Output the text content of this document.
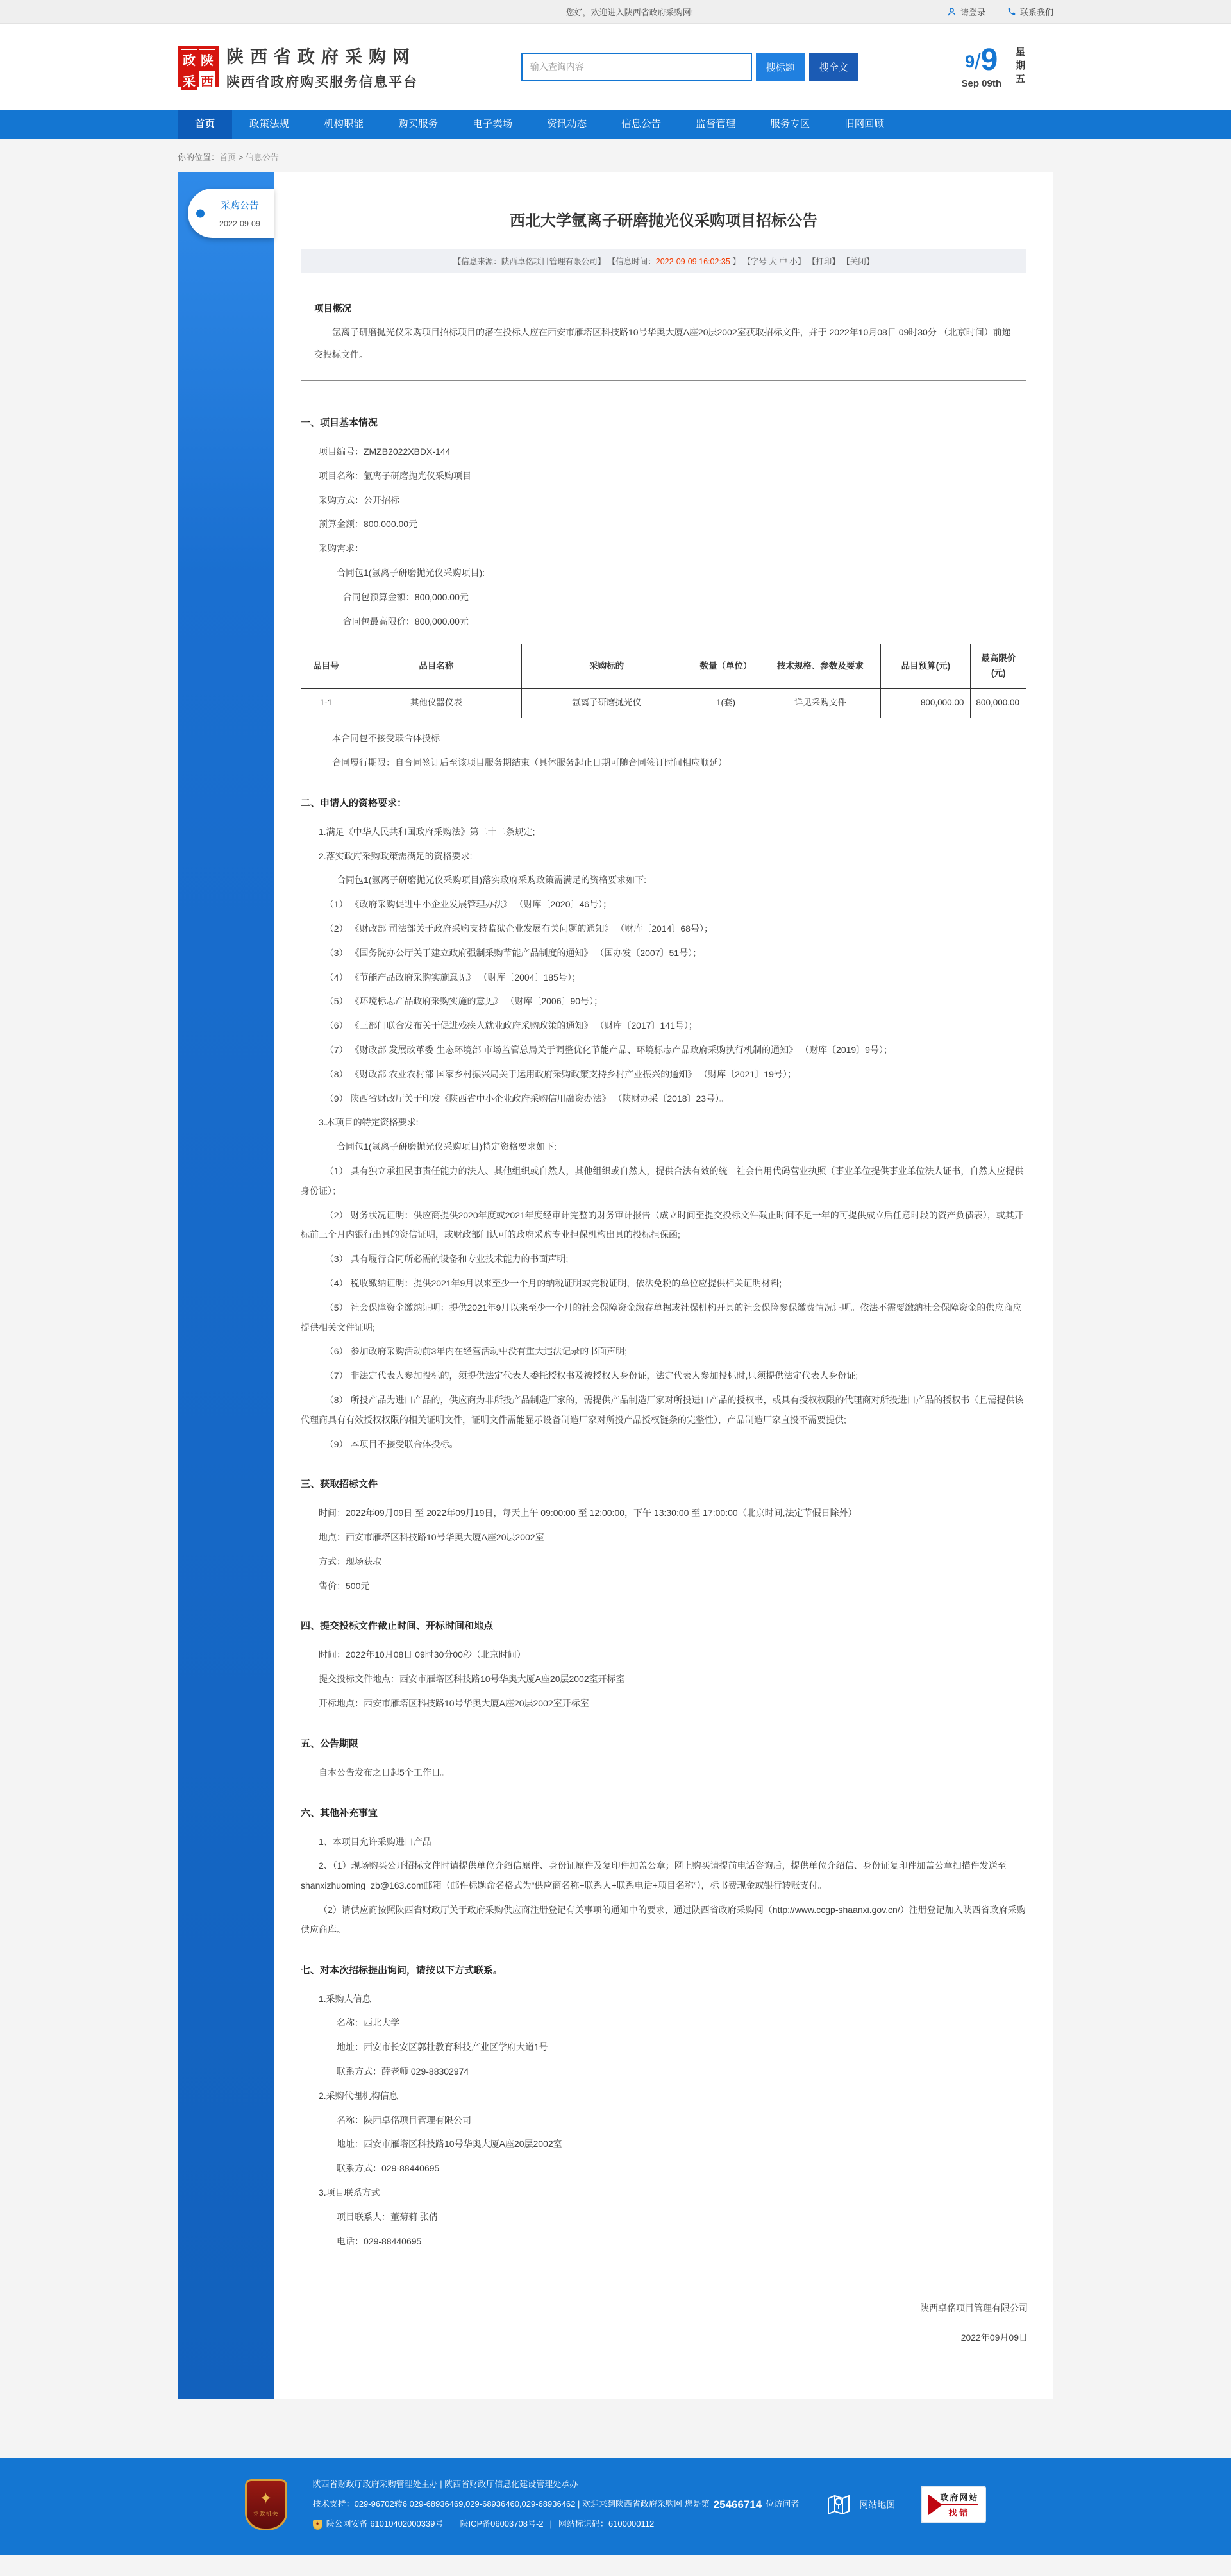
您好，欢迎进入陕西省政府采购网!	请登录	联系我们
政 陕
采 西
陕西省政府采购网
陕西省政府购买服务信息平台
输入查询内容
搜标题	搜全文	9 / 9
Sep 09th 星期五
首页	政策法规	机构职能	购买服务	电子卖场	资讯动态	信息公告	监督管理	服务专区	旧网回顾
你的位置：首页 > 信息公告
采购公告
2022-09-09	西北大学氩离子研磨抛光仪采购项目招标公告
【信息来源：陕西卓佲项目管理有限公司】 【信息时间：2022-09-09 16:02:35 】 【字号 大 中 小】 【打印】 【关闭】
项目概况
氩离子研磨抛光仪采购项目招标项目的潜在投标人应在西安市雁塔区科技路10号华奥大厦A座20层2002室获取招标文件，并于 2022年10月08日 09时30分 （北京时间）前递交投标文件。
一、项目基本情况
项目编号：ZMZB2022XBDX-144
项目名称：氩离子研磨抛光仪采购项目
采购方式：公开招标
预算金额：800,000.00元
采购需求：
合同包1(氩离子研磨抛光仪采购项目):
合同包预算金额：800,000.00元
合同包最高限价：800,000.00元
品目号	品目名称	采购标的	数量（单位）	技术规格、参数及要求	品目预算(元)	最高限价(元)
1-1	其他仪器仪表	氩离子研磨抛光仪	1(套)	详见采购文件	800,000.00	800,000.00
本合同包不接受联合体投标
合同履行期限：自合同签订后至该项目服务期结束（具体服务起止日期可随合同签订时间相应顺延）
二、申请人的资格要求：
1.满足《中华人民共和国政府采购法》第二十二条规定;
2.落实政府采购政策需满足的资格要求:
合同包1(氩离子研磨抛光仪采购项目)落实政府采购政策需满足的资格要求如下:
（1） 《政府采购促进中小企业发展管理办法》 （财库〔2020〕46号）；
（2） 《财政部 司法部关于政府采购支持监狱企业发展有关问题的通知》 （财库〔2014〕68号）；
（3） 《国务院办公厅关于建立政府强制采购节能产品制度的通知》 （国办发〔2007〕51号）；
（4） 《节能产品政府采购实施意见》 （财库〔2004〕185号）；
（5） 《环境标志产品政府采购实施的意见》 （财库〔2006〕90号）；
（6） 《三部门联合发布关于促进残疾人就业政府采购政策的通知》 （财库〔2017〕141号）；
（7） 《财政部 发展改革委 生态环境部 市场监管总局关于调整优化节能产品、环境标志产品政府采购执行机制的通知》 （财库〔2019〕9号）；
（8） 《财政部 农业农村部 国家乡村振兴局关于运用政府采购政策支持乡村产业振兴的通知》 （财库〔2021〕19号）；
（9） 陕西省财政厅关于印发《陕西省中小企业政府采购信用融资办法》 （陕财办采〔2018〕23号）。
3.本项目的特定资格要求:
合同包1(氩离子研磨抛光仪采购项目)特定资格要求如下:
（1） 具有独立承担民事责任能力的法人、其他组织或自然人，其他组织或自然人，提供合法有效的统一社会信用代码营业执照（事业单位提供事业单位法人证书，自然人应提供身份证）；
（2） 财务状况证明：供应商提供2020年度或2021年度经审计完整的财务审计报告（成立时间至提交投标文件截止时间不足一年的可提供成立后任意时段的资产负债表），或其开标前三个月内银行出具的资信证明，或财政部门认可的政府采购专业担保机构出具的投标担保函;
（3） 具有履行合同所必需的设备和专业技术能力的书面声明;
（4） 税收缴纳证明：提供2021年9月以来至少一个月的纳税证明或完税证明，依法免税的单位应提供相关证明材料;
（5） 社会保障资金缴纳证明：提供2021年9月以来至少一个月的社会保障资金缴存单据或社保机构开具的社会保险参保缴费情况证明。依法不需要缴纳社会保障资金的供应商应提供相关文件证明;
（6） 参加政府采购活动前3年内在经营活动中没有重大违法记录的书面声明;
（7） 非法定代表人参加投标的，须提供法定代表人委托授权书及被授权人身份证，法定代表人参加投标时,只须提供法定代表人身份证;
（8） 所投产品为进口产品的，供应商为非所投产品制造厂家的，需提供产品制造厂家对所投进口产品的授权书，或具有授权权限的代理商对所投进口产品的授权书（且需提供该代理商具有有效授权权限的相关证明文件，证明文件需能显示设备制造厂家对所投产品授权链条的完整性），产品制造厂家直投不需要提供;
（9） 本项目不接受联合体投标。
三、获取招标文件
时间：2022年09月09日 至 2022年09月19日，每天上午 09:00:00 至 12:00:00，下午 13:30:00 至 17:00:00（北京时间,法定节假日除外）
地点：西安市雁塔区科技路10号华奥大厦A座20层2002室
方式：现场获取
售价：500元
四、提交投标文件截止时间、开标时间和地点
时间：2022年10月08日 09时30分00秒（北京时间）
提交投标文件地点：西安市雁塔区科技路10号华奥大厦A座20层2002室开标室
开标地点：西安市雁塔区科技路10号华奥大厦A座20层2002室开标室
五、公告期限
自本公告发布之日起5个工作日。
六、其他补充事宜
1、本项目允许采购进口产品
2、（1）现场购买公开招标文件时请提供单位介绍信原件、身份证原件及复印件加盖公章；网上购买请提前电话咨询后，提供单位介绍信、身份证复印件加盖公章扫描件发送至shanxizhuoming_zb@163.com邮箱（邮件标题命名格式为“供应商名称+联系人+联系电话+项目名称”），标书费现金或银行转账支付。
（2）请供应商按照陕西省财政厅关于政府采购供应商注册登记有关事项的通知中的要求，通过陕西省政府采购网（http://www.ccgp-shaanxi.gov.cn/）注册登记加入陕西省政府采购供应商库。
七、对本次招标提出询问，请按以下方式联系。
1.采购人信息
名称：西北大学
地址：西安市长安区郭杜教育科技产业区学府大道1号
联系方式：薛老师 029-88302974
2.采购代理机构信息
名称：陕西卓佲项目管理有限公司
地址：西安市雁塔区科技路10号华奥大厦A座20层2002室
联系方式：029-88440695
3.项目联系方式
项目联系人：董菊莉 张倩
电话：029-88440695
陕西卓佲项目管理有限公司
2022年09月09日
✦
党政机关
陕西省财政厅政府采购管理处主办 | 陕西省财政厅信息化建设管理处承办
技术支持：029-96702转6 029-68936469,029-68936460,029-68936462 | 欢迎来到陕西省政府采购网 您是第 25466714 位访问者
★ 陕公网安备 61010402000339号 陕ICP备06003708号-2 | 网站标识码：6100000112
网站地图	⌕
政府网站
找错
